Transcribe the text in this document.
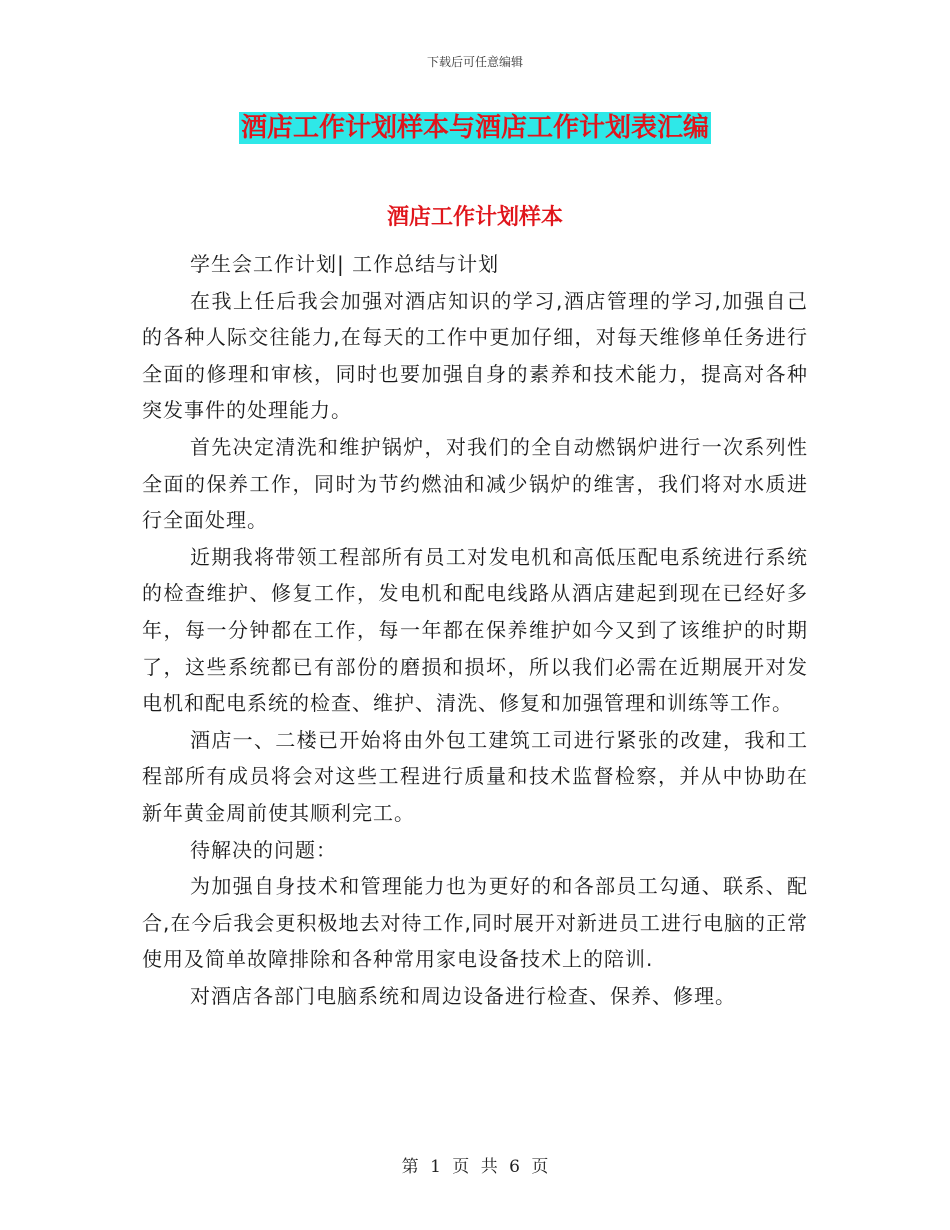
下载后可任意编辑
酒店工作计划样本与酒店工作计划表汇编
酒店工作计划样本

学生会工作计划| 工作总结与计划

在我上任后我会加强对酒店知识的学习,酒店管理的学习,加强自己的各种人际交往能力,在每天的工作中更加仔细，对每天维修单任务进行全面的修理和审核，同时也要加强自身的素养和技术能力，提高对各种突发事件的处理能力。

首先决定清洗和维护锅炉，对我们的全自动燃锅炉进行一次系列性全面的保养工作，同时为节约燃油和减少锅炉的维害，我们将对水质进行全面处理。

近期我将带领工程部所有员工对发电机和高低压配电系统进行系统的检查维护、修复工作，发电机和配电线路从酒店建起到现在已经好多年，每一分钟都在工作，每一年都在保养维护如今又到了该维护的时期了，这些系统都已有部份的磨损和损坏，所以我们必需在近期展开对发电机和配电系统的检查、维护、清洗、修复和加强管理和训练等工作。

酒店一、二楼已开始将由外包工建筑工司进行紧张的改建，我和工程部所有成员将会对这些工程进行质量和技术监督检察，并从中协助在新年黄金周前使其顺利完工。

待解决的问题：

为加强自身技术和管理能力也为更好的和各部员工勾通、联系、配合,在今后我会更积极地去对待工作,同时展开对新进员工进行电脑的正常使用及简单故障排除和各种常用家电设备技术上的陪训.

对酒店各部门电脑系统和周边设备进行检查、保养、修理。

第 1 页 共 6 页
